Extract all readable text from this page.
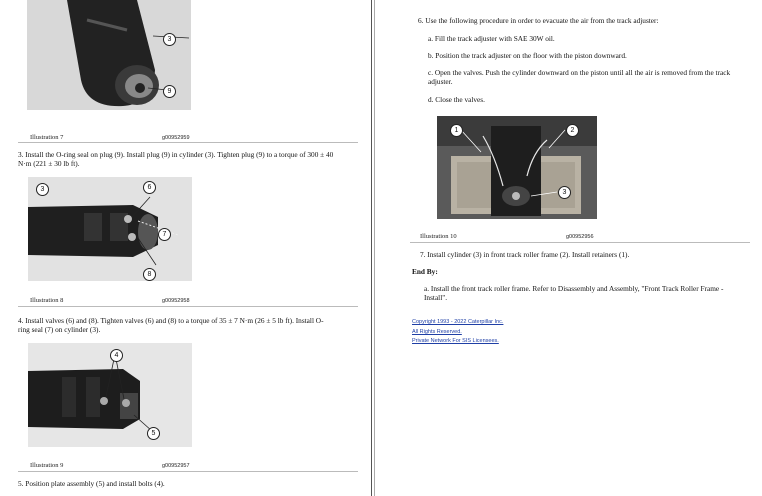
3
9
Illustration 7	g00952959
3. Install the O-ring seal on plug (9). Install plug (9) in cylinder (3). Tighten plug (9) to a torque of 300 ± 40 N·m (221 ± 30 lb ft).
3	6
7
8
Illustration 8	g00952958
4. Install valves (6) and (8). Tighten valves (6) and (8) to a torque of 35 ± 7 N·m (26 ± 5 lb ft). Install O-ring seal (7) on cylinder (3).
4
5
Illustration 9	g00952957
5. Position plate assembly (5) and install bolts (4).
6. Use the following procedure in order to evacuate the air from the track adjuster:
a. Fill the track adjuster with SAE 30W oil.
b. Position the track adjuster on the floor with the piston downward.
c. Open the valves. Push the cylinder downward on the piston until all the air is removed from the track adjuster.
d. Close the valves.
1	2
3
Illustration 10	g00952956
7. Install cylinder (3) in front track roller frame (2). Install retainers (1).
End By:
a. Install the front track roller frame. Refer to Disassembly and Assembly, "Front Track Roller Frame - Install".
Copyright 1993 - 2022 Caterpillar Inc.
All Rights Reserved.
Private Network For SIS Licensees.
